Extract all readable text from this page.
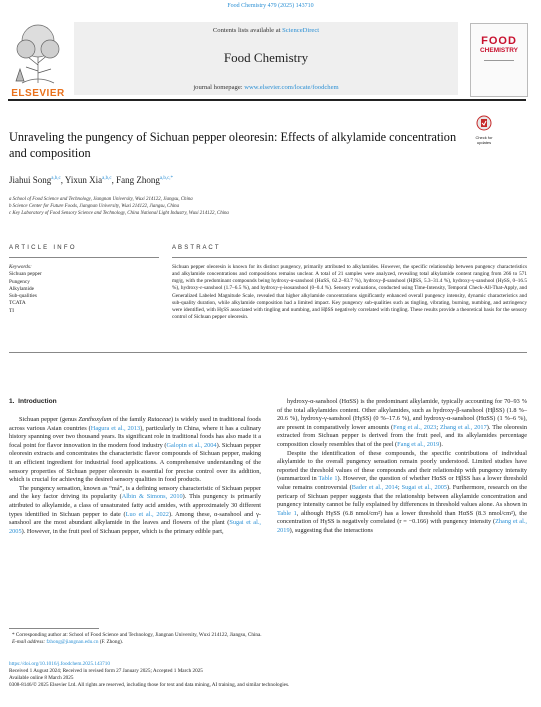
Food Chemistry 479 (2025) 143710
ELSEVIER
Contents lists available at ScienceDirect
Food Chemistry
journal homepage: www.elsevier.com/locate/foodchem
FOOD
CHEMISTRY
Check for
updates
Unraveling the pungency of Sichuan pepper oleoresin: Effects of alkylamide concentration and composition
Jiahui Song$^{a,b,c}$, Yixun Xia$^{a,b,c}$, Fang Zhong$^{a,b,c,*}$
a School of Food Science and Technology, Jiangnan University, Wuxi 214122, Jiangsu, China
b Science Center for Future Foods, Jiangnan University, Wuxi 214122, Jiangsu, China
c Key Laboratory of Food Sensory Science and Technology, China National Light Industry, Wuxi 214122, China
A R T I C L E   I N F O
Keywords:
Sichuan pepper
Pungency
Alkylamide
Sub-qualities
TCATA
TI
A B S T R A C T
Sichuan pepper oleoresin is known for its distinct pungency, primarily attributed to alkylamides. However, the specific relationship between pungency characteristics and alkylamide concentrations and compositions remains unclear. A total of 21 samples were analyzed, revealing total alkylamide content ranging from 266 to 571 mg/g, with the predominant compounds being hydroxy-α-sanshool (HαSS, 62.2–83.7 %), hydroxy-β-sanshool (HβSS, 5.3–31.4 %), hydroxy-γ-sanshool (HγSS, 0–16.5 %), hydroxy-ε-sanshool (1.7–6.5 %), and hydroxy-γ-isosanshool (0–0.4 %). Sensory evaluations, conducted using Time-Intensity, Temporal Check-All-That-Apply, and Generalized Labeled Magnitude Scale, revealed that higher alkylamide concentrations significantly enhanced overall pungency intensity, dynamic characteristics and sub-quality duration, while alkylamide composition had a limited impact. Key pungency sub-qualities such as tingling, vibrating, burning, numbing, and astringency were identified, with HγSS associated with tingling and numbing, and HβSS negatively correlated with tingling. These results provide a theoretical basis for the sensory control of Sichuan pepper oleoresin.
1.  Introduction

Sichuan pepper (genus Zanthoxylum of the family Rutaceae) is widely used in traditional foods across various Asian countries (Hagura et al., 2013), particularly in China, where it has a culinary history spanning over two thousand years. Its significant role in traditional foods has also made it a focal point for flavor innovation in the modern food industry (Galopin et al., 2004). Sichuan pepper oleoresin extracts and concentrates the characteristic flavor compounds of Sichuan pepper, making it an efficient ingredient for industrial food applications. A comprehensive understanding of the sensory properties of Sichuan pepper oleoresin is essential for precise control over its addition, which is crucial for achieving the desired sensory qualities in food products.

The pungency sensation, known as “má”, is a defining sensory characteristic of Sichuan pepper and the key factor driving its popularity (Albin & Simons, 2010). This pungency is primarily attributed to alkylamide, a class of unsaturated fatty acid amides, with approximately 30 different types identified in Sichuan pepper to date (Luo et al., 2022). Among these, α-sanshool and γ-sanshool are the most abundant alkylamide in the leaves and flowers of the plant (Sugai et al., 2005). However, in the fruit peel of Sichuan pepper, which is the primary edible part,

hydroxy-α-sanshool (HαSS) is the predominant alkylamide, typically accounting for 70–93 % of the total alkylamides content. Other alkylamides, such as hydroxy-β-sanshool (HβSS) (1.8 %–20.6 %), hydroxy-γ-sanshool (HγSS) (0 %–17.6 %), and hydroxy-α-sanshool (HαSS) (1 %–6 %), are present in comparatively lower amounts (Feng et al., 2023; Zhang et al., 2017). The oleoresin extracted from Sichuan pepper is derived from the fruit peel, and its alkylamides percentage composition closely resembles that of the peel (Fang et al., 2019).

Despite the identification of these compounds, the specific contributions of individual alkylamide to the overall pungency sensation remain poorly understood. Limited studies have reported the threshold values of these compounds and their relationship with pungency intensity (summarized in Table 1). However, the question of whether HαSS or HβSS has a lower threshold value remains controversial (Bader et al., 2014; Sugai et al., 2005). Furthermore, research on the pericarp of Sichuan pepper suggests that the relationship between alkylamide concentration and pungency intensity cannot be fully explained by differences in threshold values alone. As shown in Table 1, although HγSS (6.8 nmol/cm²) has a lower threshold than HαSS (8.3 nmol/cm²), the concentration of HγSS is negatively correlated (r = −0.166) with pungency intensity (Zhang et al., 2019), suggesting that the interactions

* Corresponding author at: School of Food Science and Technology, Jiangnan University, Wuxi 214122, Jiangsu, China.
E-mail address: fzhong@jiangnan.edu.cn (F. Zhong).
https://doi.org/10.1016/j.foodchem.2025.143710
Received 1 August 2024; Received in revised form 27 January 2025; Accepted 1 March 2025
Available online 8 March 2025
0308-8146/© 2025 Elsevier Ltd. All rights are reserved, including those for text and data mining, AI training, and similar technologies.
